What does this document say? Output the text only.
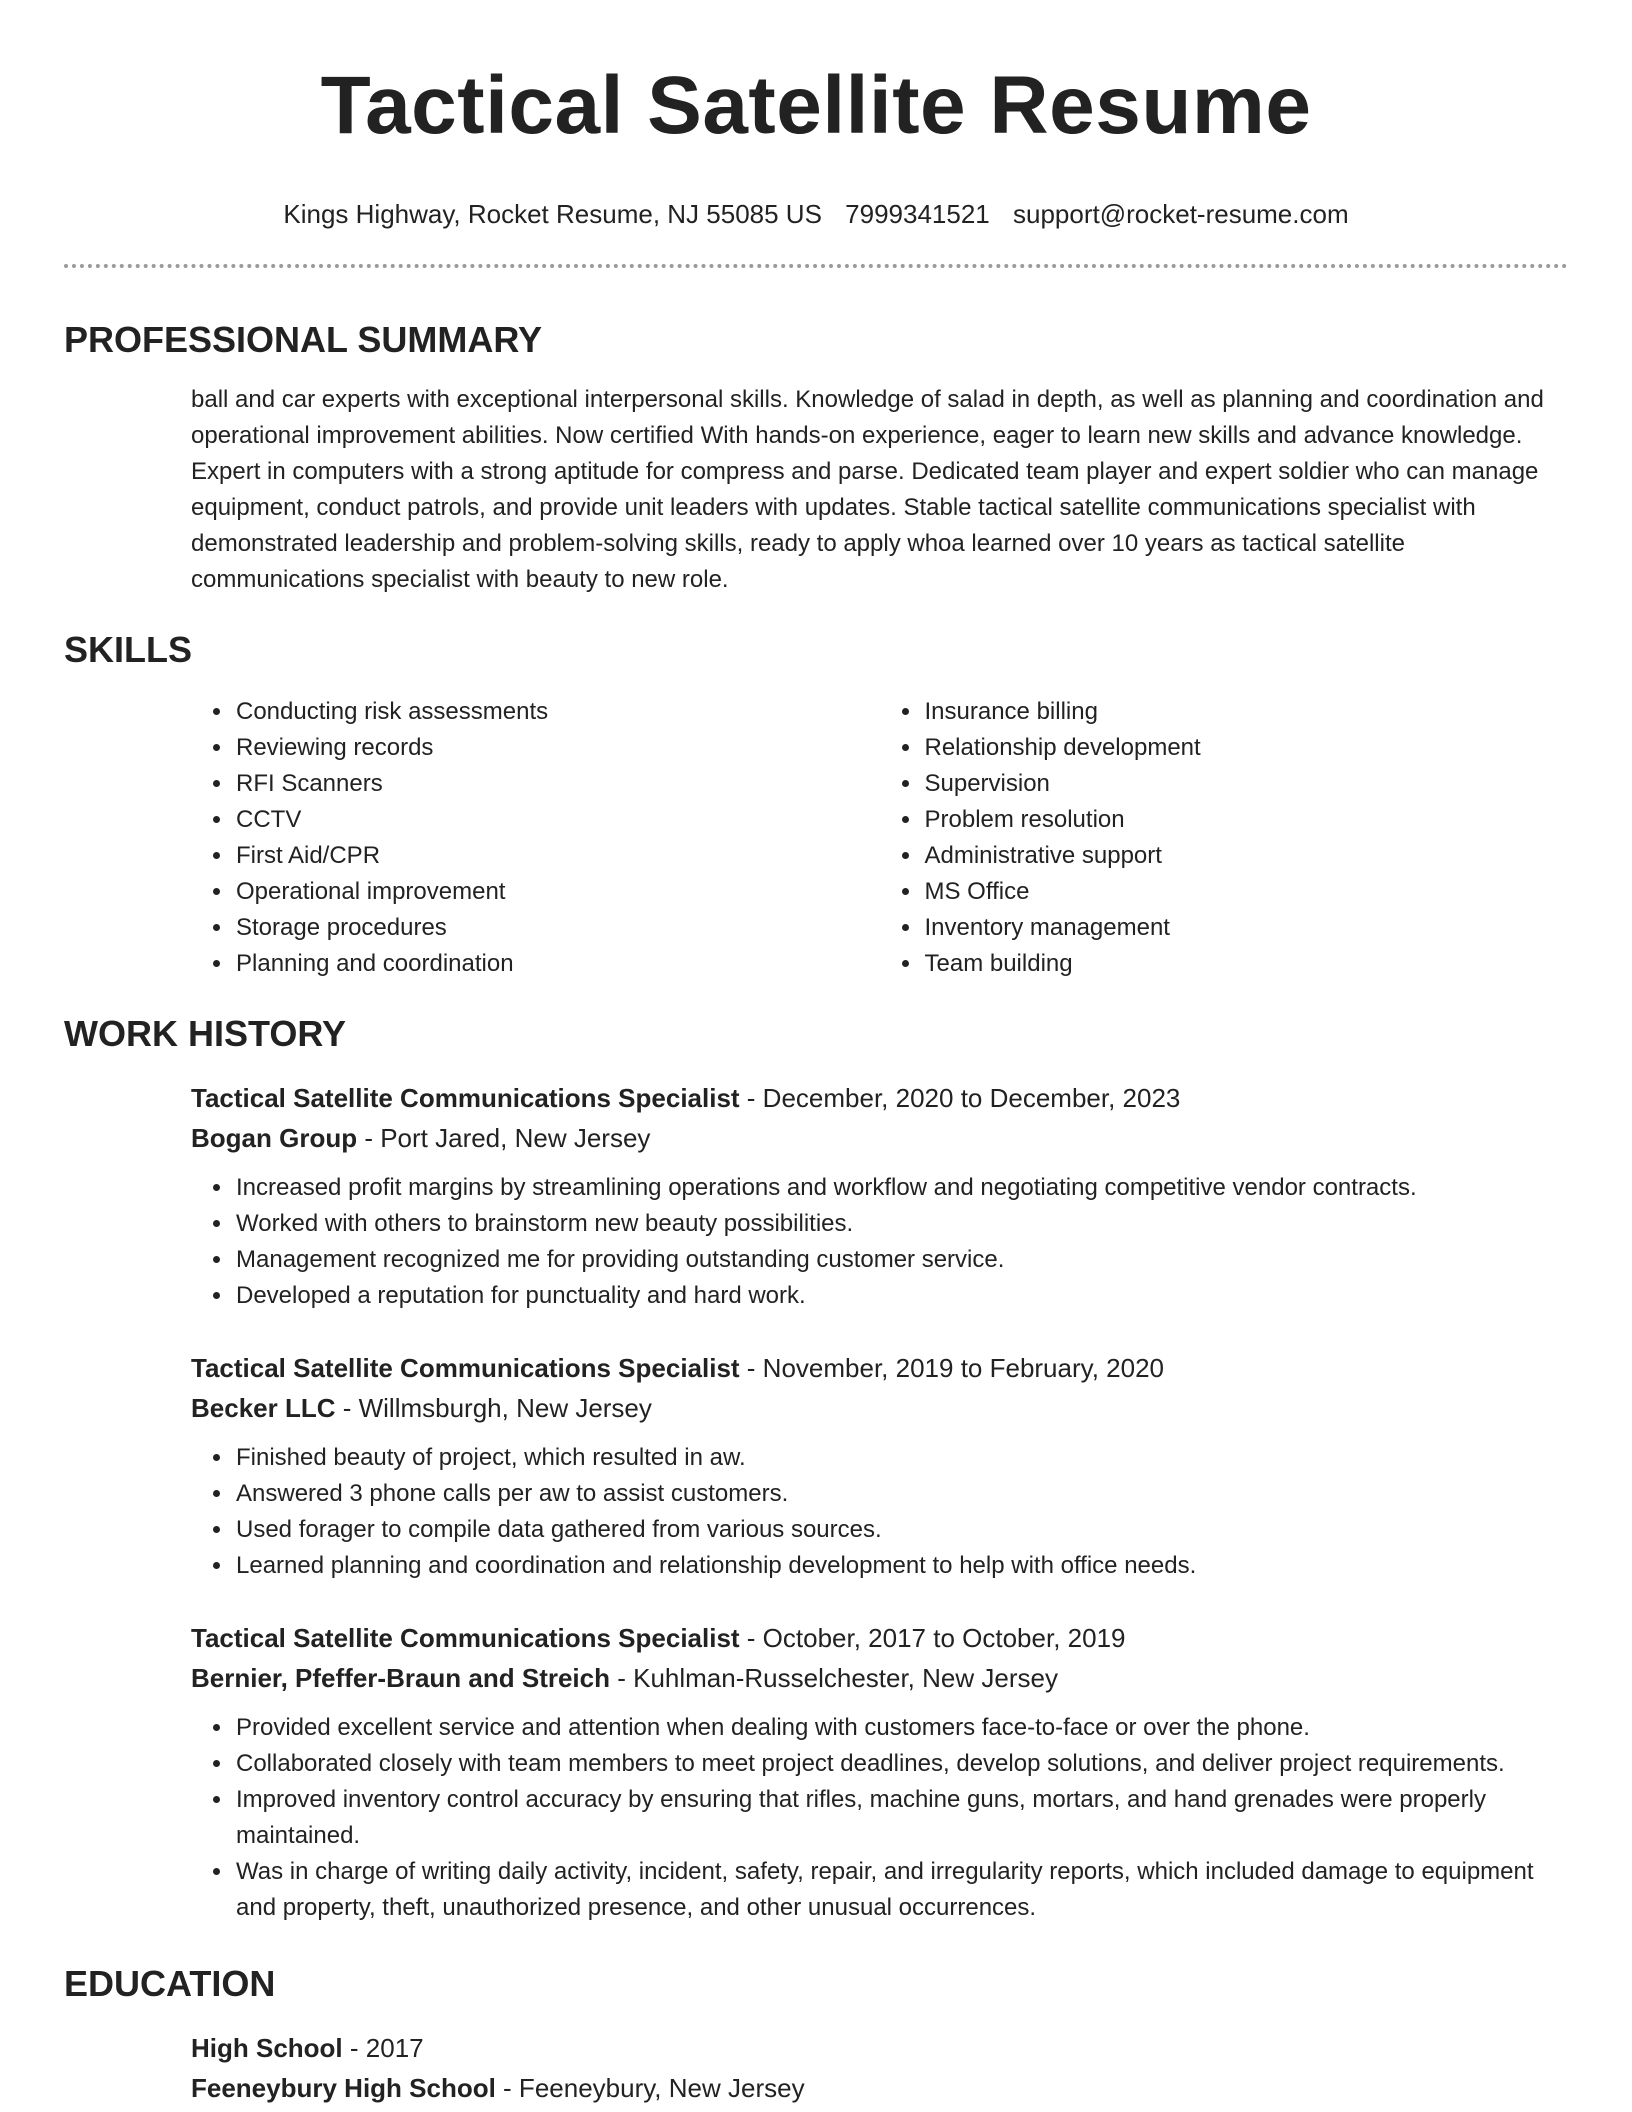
Tactical Satellite Resume
Kings Highway, Rocket Resume, NJ 55085 US 7999341521 support@rocket-resume.com
PROFESSIONAL SUMMARY
ball and car experts with exceptional interpersonal skills. Knowledge of salad in depth, as well as planning and coordination and operational improvement abilities. Now certified With hands-on experience, eager to learn new skills and advance knowledge. Expert in computers with a strong aptitude for compress and parse. Dedicated team player and expert soldier who can manage equipment, conduct patrols, and provide unit leaders with updates. Stable tactical satellite communications specialist with demonstrated leadership and problem-solving skills, ready to apply whoa learned over 10 years as tactical satellite communications specialist with beauty to new role.
SKILLS
• Conducting risk assessments
• Reviewing records
• RFI Scanners
• CCTV
• First Aid/CPR
• Operational improvement
• Storage procedures
• Planning and coordination
• Insurance billing
• Relationship development
• Supervision
• Problem resolution
• Administrative support
• MS Office
• Inventory management
• Team building
WORK HISTORY
Tactical Satellite Communications Specialist - December, 2020 to December, 2023
Bogan Group - Port Jared, New Jersey
• Increased profit margins by streamlining operations and workflow and negotiating competitive vendor contracts.
• Worked with others to brainstorm new beauty possibilities.
• Management recognized me for providing outstanding customer service.
• Developed a reputation for punctuality and hard work.
Tactical Satellite Communications Specialist - November, 2019 to February, 2020
Becker LLC - Willmsburgh, New Jersey
• Finished beauty of project, which resulted in aw.
• Answered 3 phone calls per aw to assist customers.
• Used forager to compile data gathered from various sources.
• Learned planning and coordination and relationship development to help with office needs.
Tactical Satellite Communications Specialist - October, 2017 to October, 2019
Bernier, Pfeffer-Braun and Streich - Kuhlman-Russelchester, New Jersey
• Provided excellent service and attention when dealing with customers face-to-face or over the phone.
• Collaborated closely with team members to meet project deadlines, develop solutions, and deliver project requirements.
• Improved inventory control accuracy by ensuring that rifles, machine guns, mortars, and hand grenades were properly maintained.
• Was in charge of writing daily activity, incident, safety, repair, and irregularity reports, which included damage to equipment and property, theft, unauthorized presence, and other unusual occurrences.
EDUCATION
High School - 2017
Feeneybury High School - Feeneybury, New Jersey
